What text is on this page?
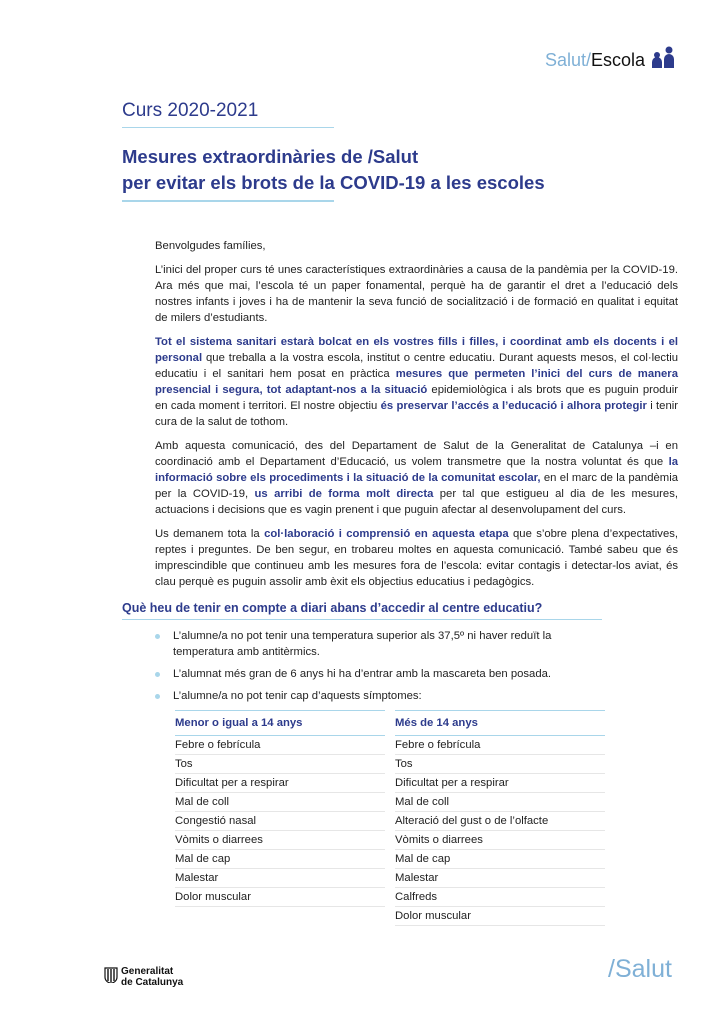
Salut/Escola
Curs 2020-2021
Mesures extraordinàries de /Salut
per evitar els brots de la COVID-19 a les escoles

Benvolgudes famílies,

L’inici del proper curs té unes característiques extraordinàries a causa de la pandèmia per la COVID-19. Ara més que mai, l’escola té un paper fonamental, perquè ha de garantir el dret a l’educació dels nostres infants i joves i ha de mantenir la seva funció de socialització i de formació en qualitat i equitat de milers d’estudiants.

Tot el sistema sanitari estarà bolcat en els vostres fills i filles, i coordinat amb els docents i el personal que treballa a la vostra escola, institut o centre educatiu. Durant aquests mesos, el col·lectiu educatiu i el sanitari hem posat en pràctica mesures que permeten l’inici del curs de manera presencial i segura, tot adaptant-nos a la situació epidemiològica i als brots que es puguin produir en cada moment i territori. El nostre objectiu és preservar l’accés a l’educació i alhora protegir i tenir cura de la salut de tothom.

Amb aquesta comunicació, des del Departament de Salut de la Generalitat de Catalunya –i en coordinació amb el Departament d’Educació, us volem transmetre que la nostra voluntat és que la informació sobre els procediments i la situació de la comunitat escolar, en el marc de la pandèmia per la COVID-19, us arribi de forma molt directa per tal que estigueu al dia de les mesures, actuacions i decisions que es vagin prenent i que puguin afectar al desenvolupament del curs.

Us demanem tota la col·laboració i comprensió en aquesta etapa que s’obre plena d’expectatives, reptes i preguntes. De ben segur, en trobareu moltes en aquesta comunicació. També sabeu que és imprescindible que continueu amb les mesures fora de l’escola: evitar contagis i detectar-los aviat, és clau perquè es puguin assolir amb èxit els objectius educatius i pedagògics.

Què heu de tenir en compte a diari abans d’accedir al centre educatiu?
L’alumne/a no pot tenir una temperatura superior als 37,5º ni haver reduït la temperatura amb antitèrmics.
L’alumnat més gran de 6 anys hi ha d’entrar amb la mascareta ben posada.
L’alumne/a no pot tenir cap d’aquests símptomes:
Menor o igual a 14 anys
Febre o febrícula
Tos
Dificultat per a respirar
Mal de coll
Congestió nasal
Vòmits o diarrees
Mal de cap
Malestar
Dolor muscular
Més de 14 anys
Febre o febrícula
Tos
Dificultat per a respirar
Mal de coll
Alteració del gust o de l’olfacte
Vòmits o diarrees
Mal de cap
Malestar
Calfreds
Dolor muscular
Generalitat
de Catalunya	/Salut
